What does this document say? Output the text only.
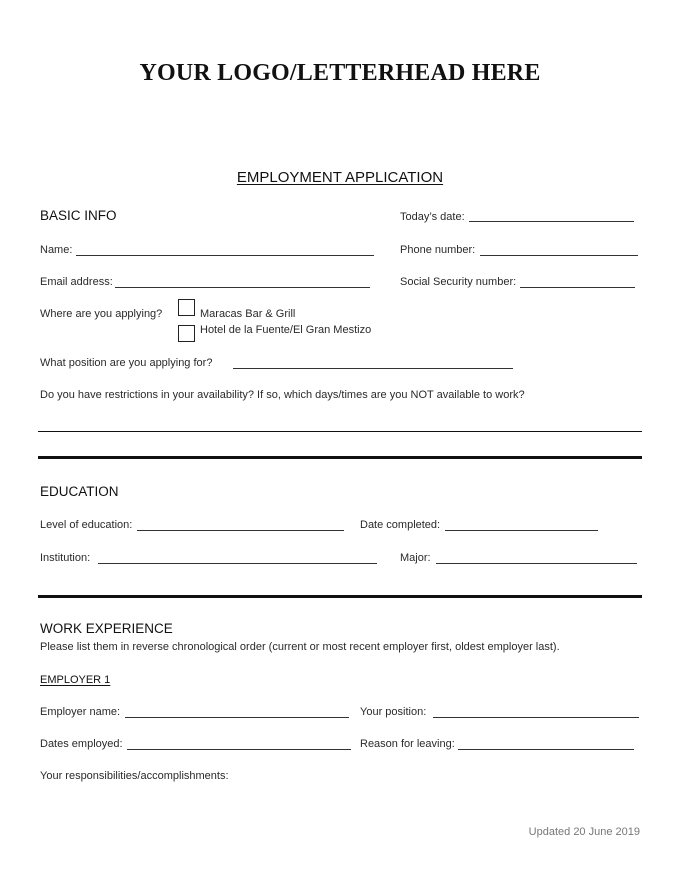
YOUR LOGO/LETTERHEAD HERE
EMPLOYMENT APPLICATION
BASIC INFO	Today’s date:
Name:	Phone number:
Email address:	Social Security number:
Where are you applying?	Maracas Bar & Grill
Hotel de la Fuente/El Gran Mestizo
What position are you applying for?
Do you have restrictions in your availability? If so, which days/times are you NOT available to work?
EDUCATION
Level of education:	Date completed:
Institution:	Major:
WORK EXPERIENCE
Please list them in reverse chronological order (current or most recent employer first, oldest employer last).
EMPLOYER 1
Employer name:	Your position:
Dates employed:	Reason for leaving:
Your responsibilities/accomplishments:
Updated 20 June 2019
